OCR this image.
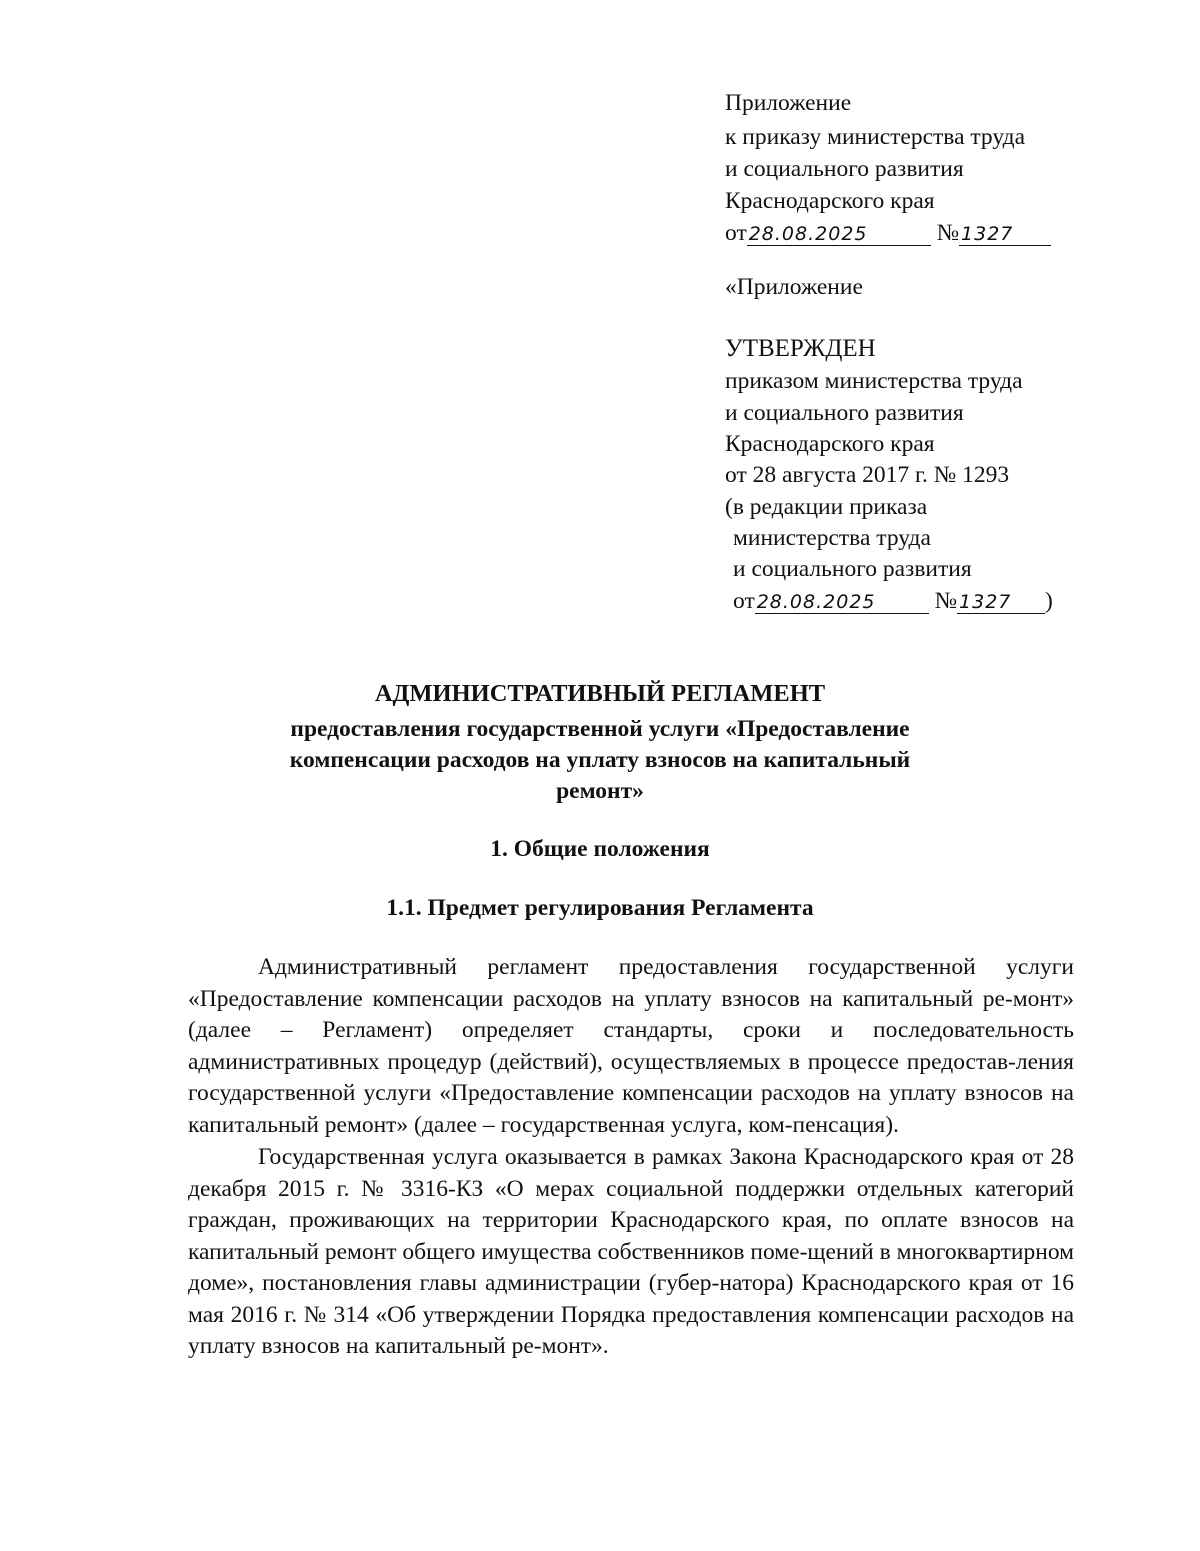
Приложение
к приказу министерства труда
и социального развития
Краснодарского края
от 28.08.2025	№ 1327
«Приложение
УТВЕРЖДЕН
приказом министерства труда
и социального развития
Краснодарского края
от 28 августа 2017 г. № 1293
(в редакции приказа
министерства труда
и социального развития
от 28.08.2025	№ 1327 )
АДМИНИСТРАТИВНЫЙ РЕГЛАМЕНТ
предоставления государственной услуги «Предоставление
компенсации расходов на уплату взносов на капитальный
ремонт»
1. Общие положения
1.1. Предмет регулирования Регламента

Административный регламент предоставления государственной услуги «Предоставление компенсации расходов на уплату взносов на капитальный ре-монт» (далее – Регламент) определяет стандарты, сроки и последовательность административных процедур (действий), осуществляемых в процессе предостав-ления государственной услуги «Предоставление компенсации расходов на уплату взносов на капитальный ремонт» (далее – государственная услуга, ком-пенсация).

Государственная услуга оказывается в рамках Закона Краснодарского края от 28 декабря 2015 г. № 3316-КЗ «О мерах социальной поддержки отдельных категорий граждан, проживающих на территории Краснодарского края, по оплате взносов на капитальный ремонт общего имущества собственников поме-щений в многоквартирном доме», постановления главы администрации (губер-натора) Краснодарского края от 16 мая 2016 г. № 314 «Об утверждении Порядка предоставления компенсации расходов на уплату взносов на капитальный ре-монт».
